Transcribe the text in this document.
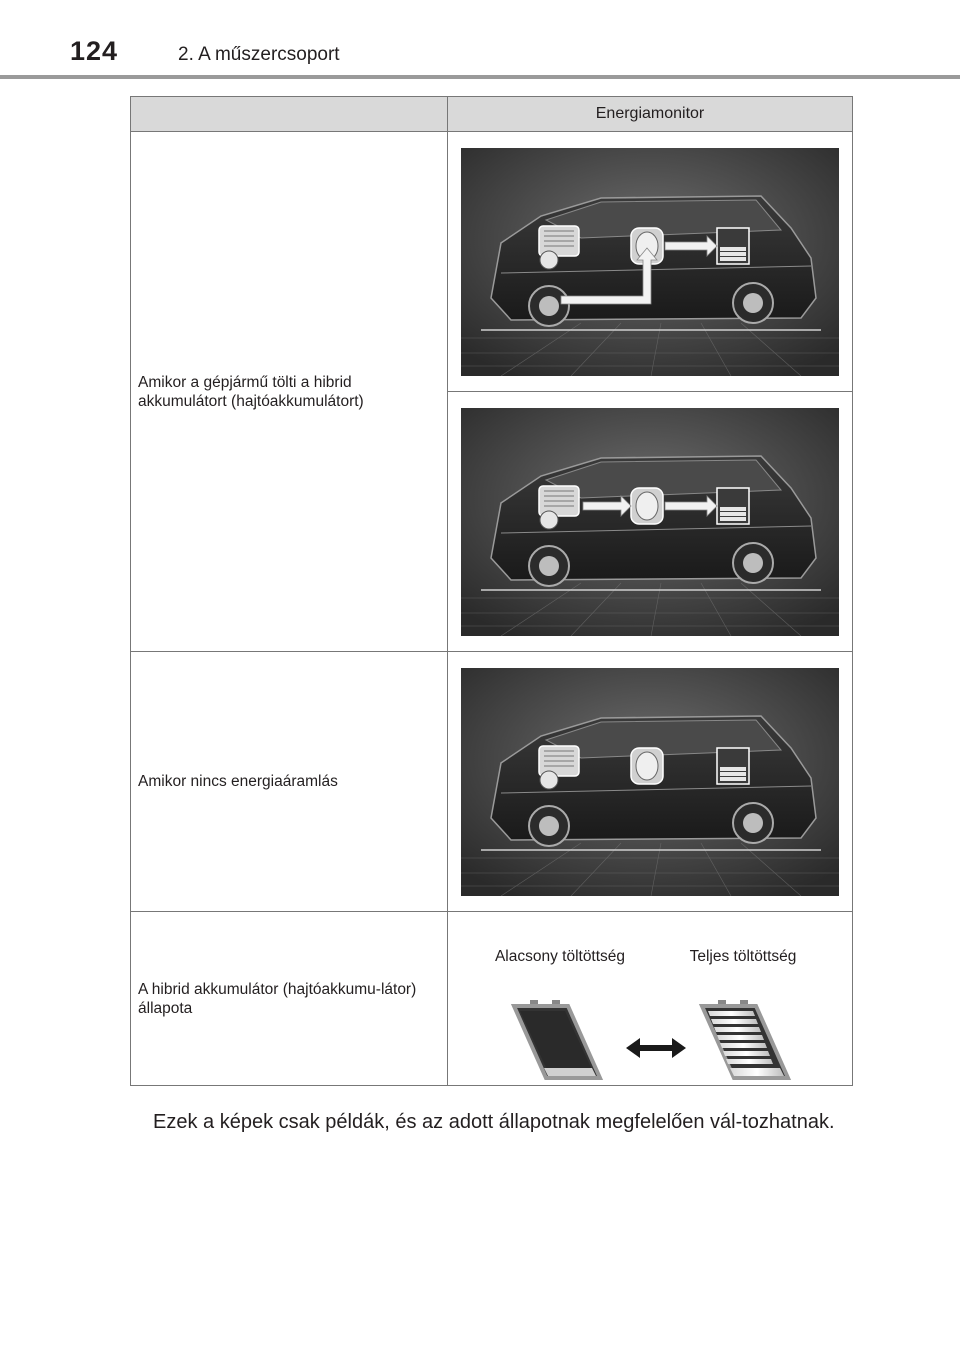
124	2. A műszercsoport
	Energiamonitor
Amikor a gépjármű tölti a hibrid akkumulátort (hajtóakkumulátort)	

Amikor nincs energiaáramlás	

A hibrid akkumulátor (hajtóakkumu-látor) állapota	Alacsony töltöttség Teljes töltöttség
Ezek a képek csak példák, és az adott állapotnak megfelelően vál-tozhatnak.
